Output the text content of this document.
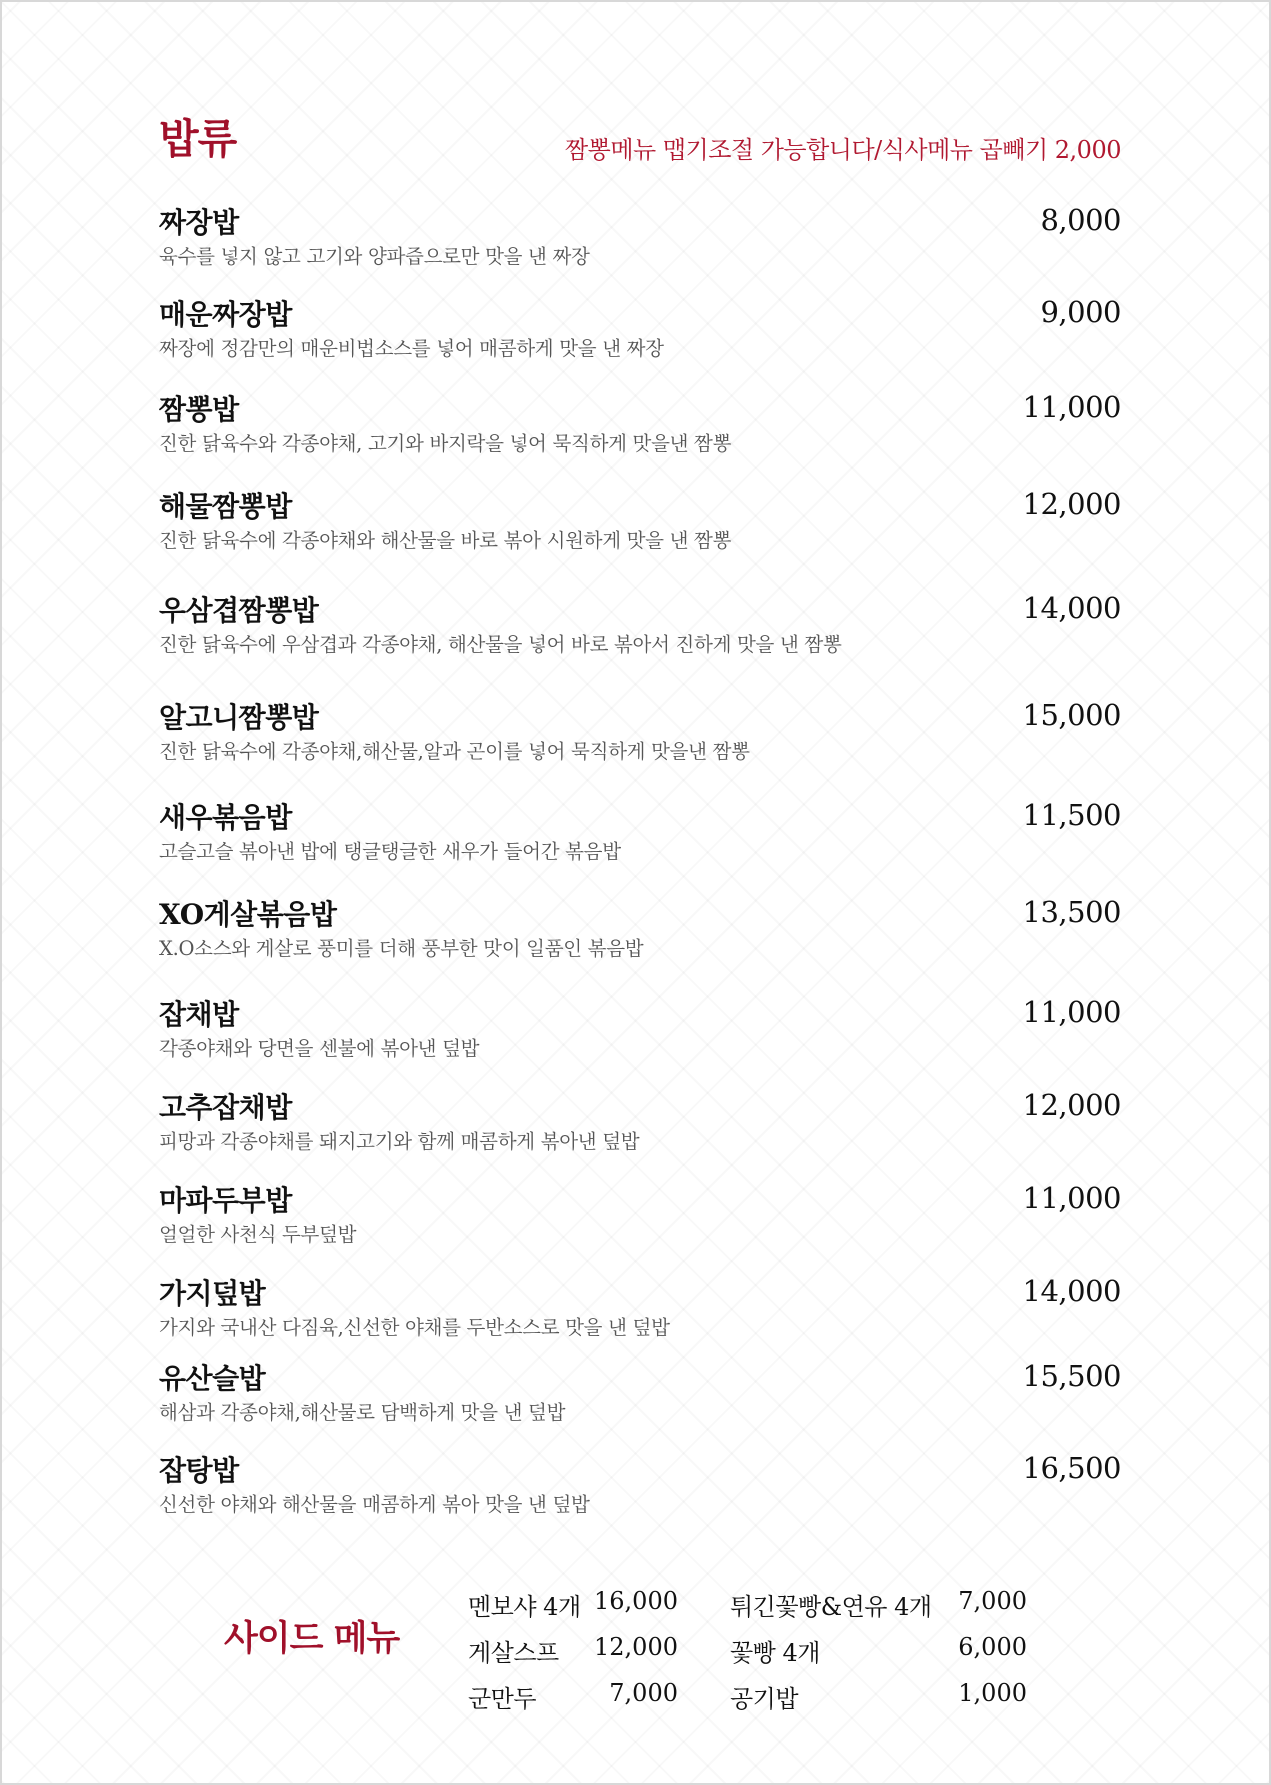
밥류	짬뽕메뉴 맵기조절 가능합니다/식사메뉴 곱빼기 2,000
짜장밥
육수를 넣지 않고 고기와 양파즙으로만 맛을 낸 짜장
8,000
매운짜장밥
짜장에 정감만의 매운비법소스를 넣어 매콤하게 맛을 낸 짜장
9,000
짬뽕밥
진한 닭육수와 각종야채, 고기와 바지락을 넣어 묵직하게 맛을낸 짬뽕
11,000
해물짬뽕밥
진한 닭육수에 각종야채와 해산물을 바로 볶아 시원하게 맛을 낸 짬뽕
12,000
우삼겹짬뽕밥
진한 닭육수에 우삼겹과 각종야채, 해산물을 넣어 바로 볶아서 진하게 맛을 낸 짬뽕
14,000
알고니짬뽕밥
진한 닭육수에 각종야채,해산물,알과 곤이를 넣어 묵직하게 맛을낸 짬뽕
15,000
새우볶음밥
고슬고슬 볶아낸 밥에 탱글탱글한 새우가 들어간 볶음밥
11,500
XO게살볶음밥
X.O소스와 게살로 풍미를 더해 풍부한 맛이 일품인 볶음밥
13,500
잡채밥
각종야채와 당면을 센불에 볶아낸 덮밥
11,000
고추잡채밥
피망과 각종야채를 돼지고기와 함께 매콤하게 볶아낸 덮밥
12,000
마파두부밥
얼얼한 사천식 두부덮밥
11,000
가지덮밥
가지와 국내산 다짐육,신선한 야채를 두반소스로 맛을 낸 덮밥
14,000
유산슬밥
해삼과 각종야채,해산물로 담백하게 맛을 낸 덮밥
15,500
잡탕밥
신선한 야채와 해산물을 매콤하게 볶아 맛을 낸 덮밥
16,500
사이드 메뉴
멘보샤 4개 16,000
게살스프	12,000
군만두	7,000
튀긴꽃빵&연유 4개	7,000
꽃빵 4개	6,000
공기밥	1,000
